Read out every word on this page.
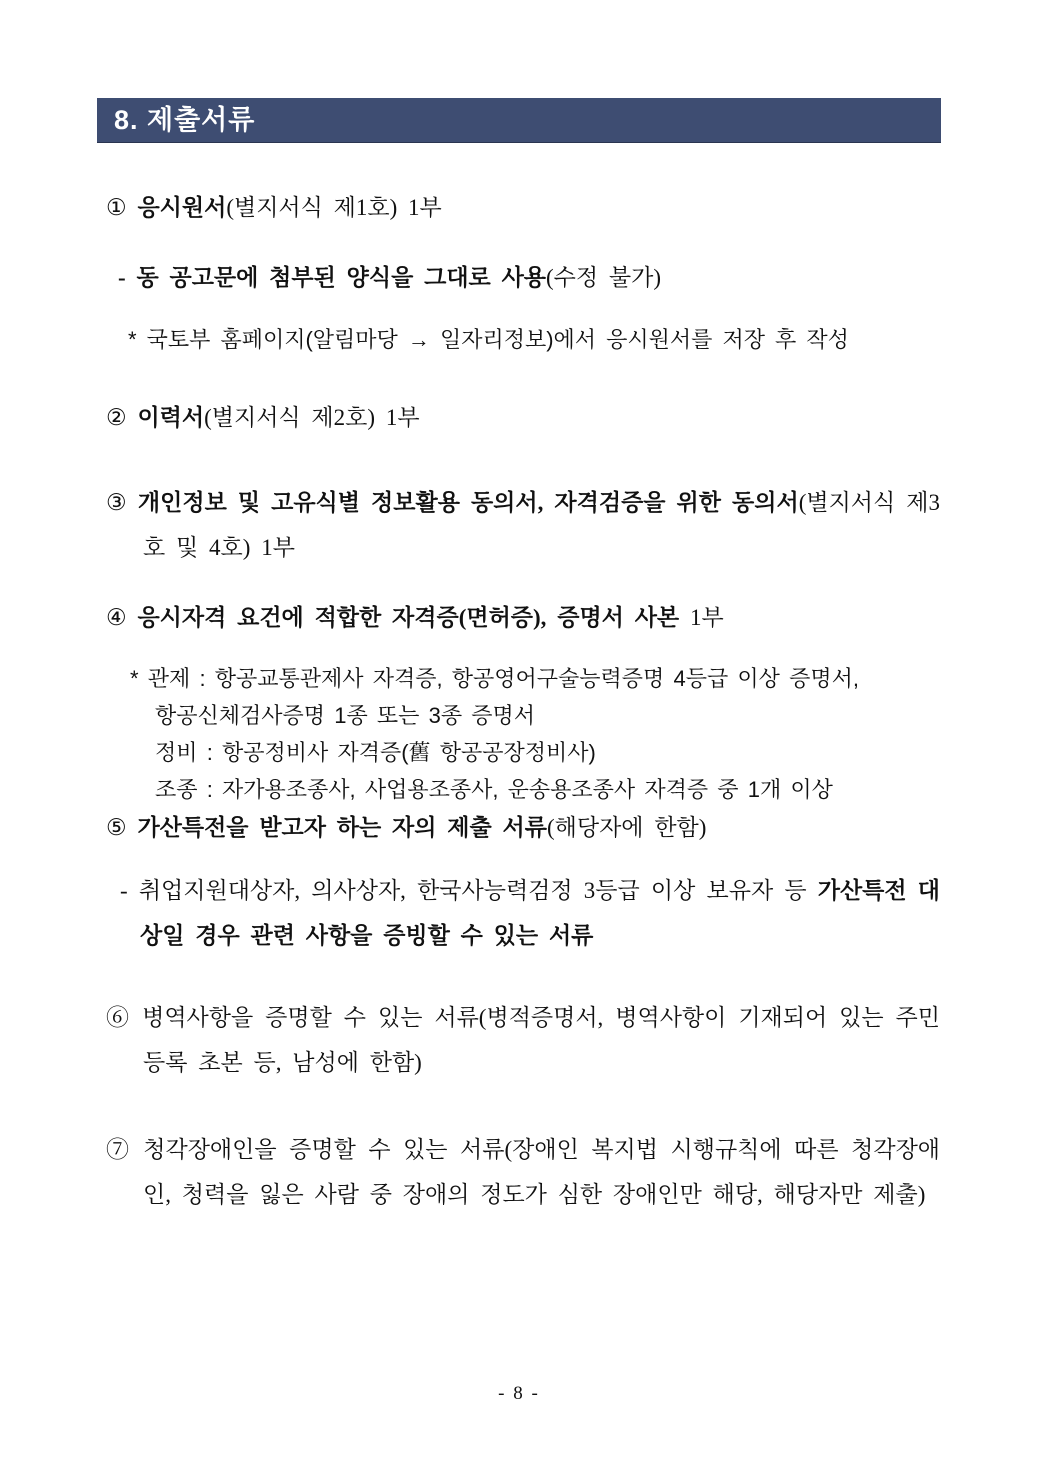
8. 제출서류
① 응시원서(별지서식 제1호) 1부
- 동 공고문에 첨부된 양식을 그대로 사용(수정 불가)
* 국토부 홈페이지(알림마당 → 일자리정보)에서 응시원서를 저장 후 작성
② 이력서(별지서식 제2호) 1부
③ 개인정보 및 고유식별 정보활용 동의서, 자격검증을 위한 동의서(별지서식 제3호 및 4호) 1부
④ 응시자격 요건에 적합한 자격증(면허증), 증명서 사본 1부
* 관제 : 항공교통관제사 자격증, 항공영어구술능력증명 4등급 이상 증명서,
항공신체검사증명 1종 또는 3종 증명서
정비 : 항공정비사 자격증(舊 항공공장정비사)
조종 : 자가용조종사, 사업용조종사, 운송용조종사 자격증 중 1개 이상
⑤ 가산특전을 받고자 하는 자의 제출 서류(해당자에 한함)
- 취업지원대상자, 의사상자, 한국사능력검정 3등급 이상 보유자 등 가산특전 대상일 경우 관련 사항을 증빙할 수 있는 서류
⑥ 병역사항을 증명할 수 있는 서류(병적증명서, 병역사항이 기재되어 있는 주민등록 초본 등, 남성에 한함)
⑦ 청각장애인을 증명할 수 있는 서류(장애인 복지법 시행규칙에 따른 청각장애인, 청력을 잃은 사람 중 장애의 정도가 심한 장애인만 해당, 해당자만 제출)
- 8 -
